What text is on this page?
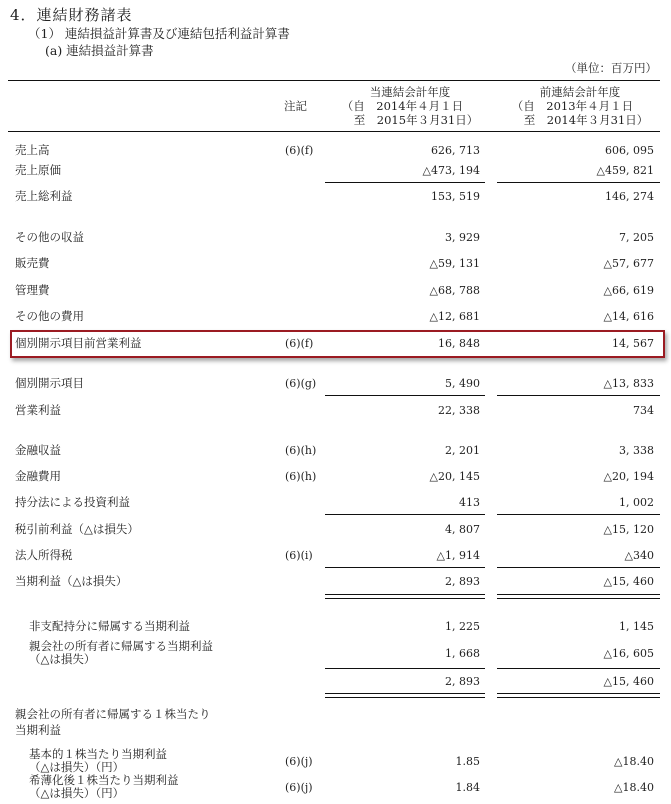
4．連結財務諸表
（1） 連結損益計算書及び連結包括利益計算書
(a) 連結損益計算書
（単位：百万円）
注記
当連結会計年度
（自　2014年４月１日
至　2015年３月31日）
前連結会計年度
（自　2013年４月１日
至　2014年３月31日）
売上高	(6)(f)	626, 713	606, 095
売上原価	△473, 194	△459, 821
売上総利益	153, 519	146, 274
その他の収益	3, 929	7, 205
販売費	△59, 131	△57, 677
管理費	△68, 788	△66, 619
その他の費用	△12, 681	△14, 616
個別開示項目前営業利益	(6)(f)	16, 848	14, 567
個別開示項目	(6)(g)	5, 490	△13, 833
営業利益	22, 338	734
金融収益	(6)(h)	2, 201	3, 338
金融費用	(6)(h)	△20, 145	△20, 194
持分法による投資利益	413	1, 002
税引前利益（△は損失）	4, 807	△15, 120
法人所得税	(6)(i)	△1, 914	△340
当期利益（△は損失）	2, 893	△15, 460
非支配持分に帰属する当期利益	1, 225	1, 145
親会社の所有者に帰属する当期利益
（△は損失）	1, 668	△16, 605
2, 893	△15, 460
親会社の所有者に帰属する１株当たり
当期利益
基本的１株当たり当期利益
（△は損失）（円）	(6)(j)	1.85	△18.40
希薄化後１株当たり当期利益
（△は損失）（円）	(6)(j)	1.84	△18.40
